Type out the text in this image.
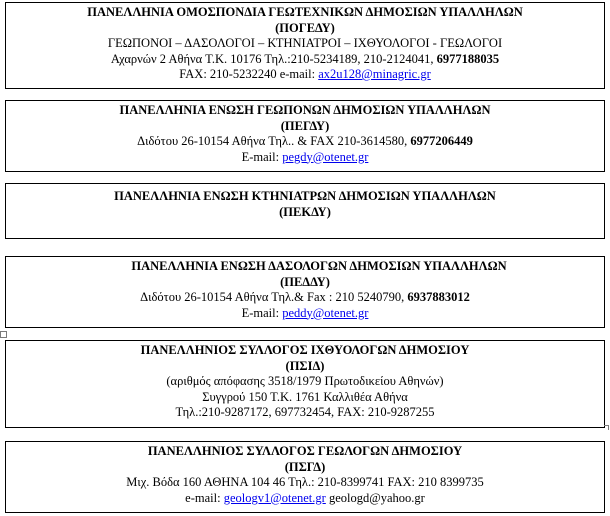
ΠΑΝΕΛΛΗΝΙΑ ΟΜΟΣΠΟΝΔΙΑ ΓΕΩΤΕΧΝΙΚΩΝ ΔΗΜΟΣΙΩΝ ΥΠΑΛΛΗΛΩΝ
(ΠΟΓΕΔΥ)
ΓΕΩΠΟΝΟΙ – ΔΑΣΟΛΟΓΟΙ – ΚΤΗΝΙΑΤΡΟΙ – ΙΧΘΥΟΛΟΓΟΙ - ΓΕΩΛΟΓΟΙ
Αχαρνών 2 Αθήνα Τ.Κ. 10176 Τηλ.:210-5234189, 210-2124041, 6977188035
FAX: 210-5232240 e-mail: ax2u128@minagric.gr
ΠΑΝΕΛΛΗΝΙΑ ΕΝΩΣΗ ΓΕΩΠΟΝΩΝ ΔΗΜΟΣΙΩΝ ΥΠΑΛΛΗΛΩΝ
(ΠΕΓΔΥ)
Διδότου 26-10154 Αθήνα Τηλ.. & FAX 210-3614580, 6977206449
E-mail: pegdy@otenet.gr
ΠΑΝΕΛΛΗΝΙΑ ΕΝΩΣΗ ΚΤΗΝΙΑΤΡΩΝ ΔΗΜΟΣΙΩΝ ΥΠΑΛΛΗΛΩΝ
(ΠΕΚΔΥ)
ΠΑΝΕΛΛΗΝΙΑ ΕΝΩΣΗ ΔΑΣΟΛΟΓΩΝ ΔΗΜΟΣΙΩΝ ΥΠΑΛΛΗΛΩΝ
(ΠΕΔΔΥ)
Διδότου 26-10154 Αθήνα Τηλ.& Fax : 210 5240790, 6937883012
E-mail: peddy@otenet.gr
ΠΑΝΕΛΛΗΝΙΟΣ ΣΥΛΛΟΓΟΣ ΙΧΘΥΟΛΟΓΩΝ ΔΗΜΟΣΙΟΥ
(ΠΣΙΔ)
(αριθμός απόφασης 3518/1979 Πρωτοδικείου Αθηνών)
Συγγρού 150 Τ.Κ. 1761 Καλλιθέα Αθήνα
Τηλ.:210-9287172, 697732454, FAX: 210-9287255
ΠΑΝΕΛΛΗΝΙΟΣ ΣΥΛΛΟΓΟΣ ΓΕΩΛΟΓΩΝ ΔΗΜΟΣΙΟΥ
(ΠΣΓΔ)
Μιχ. Βόδα 160 ΑΘΗΝΑ 104 46 Τηλ.: 210-8399741 FAX: 210 8399735
e-mail: geologv1@otenet.gr geologd@yahoo.gr
